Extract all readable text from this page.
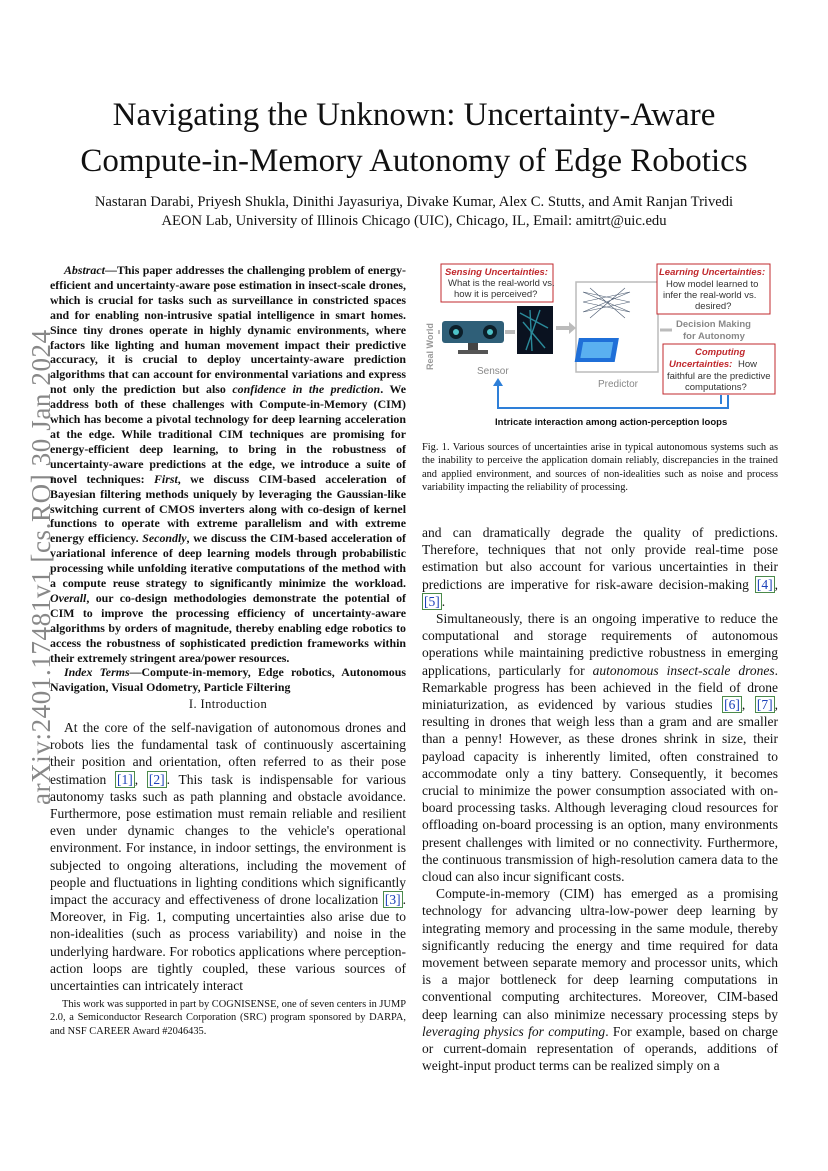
arXiv:2401.17481v1 [cs.RO] 30 Jan 2024
Navigating the Unknown: Uncertainty-Aware
Compute-in-Memory Autonomy of Edge Robotics
Nastaran Darabi, Priyesh Shukla, Dinithi Jayasuriya, Divake Kumar, Alex C. Stutts, and Amit Ranjan Trivedi
AEON Lab, University of Illinois Chicago (UIC), Chicago, IL, Email: amitrt@uic.edu

Abstract—This paper addresses the challenging problem of energy-efficient and uncertainty-aware pose estimation in insect-scale drones, which is crucial for tasks such as surveillance in constricted spaces and for enabling non-intrusive spatial intelligence in smart homes. Since tiny drones operate in highly dynamic environments, where factors like lighting and human movement impact their predictive accuracy, it is crucial to deploy uncertainty-aware prediction algorithms that can account for environmental variations and express not only the prediction but also confidence in the prediction. We address both of these challenges with Compute-in-Memory (CIM) which has become a pivotal technology for deep learning acceleration at the edge. While traditional CIM techniques are promising for energy-efficient deep learning, to bring in the robustness of uncertainty-aware predictions at the edge, we introduce a suite of novel techniques: First, we discuss CIM-based acceleration of Bayesian filtering methods uniquely by leveraging the Gaussian-like switching current of CMOS inverters along with co-design of kernel functions to operate with extreme parallelism and with extreme energy efficiency. Secondly, we discuss the CIM-based acceleration of variational inference of deep learning models through probabilistic processing while unfolding iterative computations of the method with a compute reuse strategy to significantly minimize the workload. Overall, our co-design methodologies demonstrate the potential of CIM to improve the processing efficiency of uncertainty-aware algorithms by orders of magnitude, thereby enabling edge robotics to access the robustness of sophisticated prediction frameworks within their extremely stringent area/power resources.

Index Terms—Compute-in-memory, Edge robotics, Autonomous Navigation, Visual Odometry, Particle Filtering

I. Introduction

At the core of the self-navigation of autonomous drones and robots lies the fundamental task of continuously ascertaining their position and orientation, often referred to as their pose estimation [1] , [2] . This task is indispensable for various autonomy tasks such as path planning and obstacle avoidance. Furthermore, pose estimation must remain reliable and resilient even under dynamic changes to the vehicle's operational environment. For instance, in indoor settings, the environment is subjected to ongoing alterations, including the movement of people and fluctuations in lighting conditions which significantly impact the accuracy and effectiveness of drone localization [3] . Moreover, in Fig. 1, computing uncertainties also arise due to non-idealities (such as process variability) and noise in the underlying hardware. For robotics applications where perception-action loops are tightly coupled, these various sources of uncertainties can intricately interact

This work was supported in part by COGNISENSE, one of seven centers in JUMP 2.0, a Semiconductor Research Corporation (SRC) program sponsored by DARPA, and NSF CAREER Award #2046435.
Real World
Sensor
Sensing Uncertainties:
What is the real-world vs.
how it is perceived?
Predictor
Learning Uncertainties:
How model learned to
infer the real-world vs.
desired?
Decision Making
for Autonomy
Computing
Uncertainties: How
faithful are the predictive
computations?
Intricate interaction among action-perception loops
Fig. 1. Various sources of uncertainties arise in typical autonomous systems such as the inability to perceive the application domain reliably, discrepancies in the trained and applied environment, and sources of non-idealities such as noise and process variability impacting the reliability of processing.

and can dramatically degrade the quality of predictions. Therefore, techniques that not only provide real-time pose estimation but also account for various uncertainties in their predictions are imperative for risk-aware decision-making [4] , [5] .

Simultaneously, there is an ongoing imperative to reduce the computational and storage requirements of autonomous operations while maintaining predictive robustness in emerging applications, particularly for autonomous insect-scale drones. Remarkable progress has been achieved in the field of drone miniaturization, as evidenced by various studies [6] , [7] , resulting in drones that weigh less than a gram and are smaller than a penny! However, as these drones shrink in size, their payload capacity is inherently limited, often constrained to accommodate only a tiny battery. Consequently, it becomes crucial to minimize the power consumption associated with on-board processing tasks. Although leveraging cloud resources for offloading on-board processing is an option, many environments present challenges with limited or no connectivity. Furthermore, the continuous transmission of high-resolution camera data to the cloud can also incur significant costs.

Compute-in-memory (CIM) has emerged as a promising technology for advancing ultra-low-power deep learning by integrating memory and processing in the same module, thereby significantly reducing the energy and time required for data movement between separate memory and processor units, which is a major bottleneck for deep learning computations in conventional computing architectures. Moreover, CIM-based deep learning can also minimize necessary processing steps by leveraging physics for computing. For example, based on charge or current-domain representation of operands, additions of weight-input product terms can be realized simply on a
